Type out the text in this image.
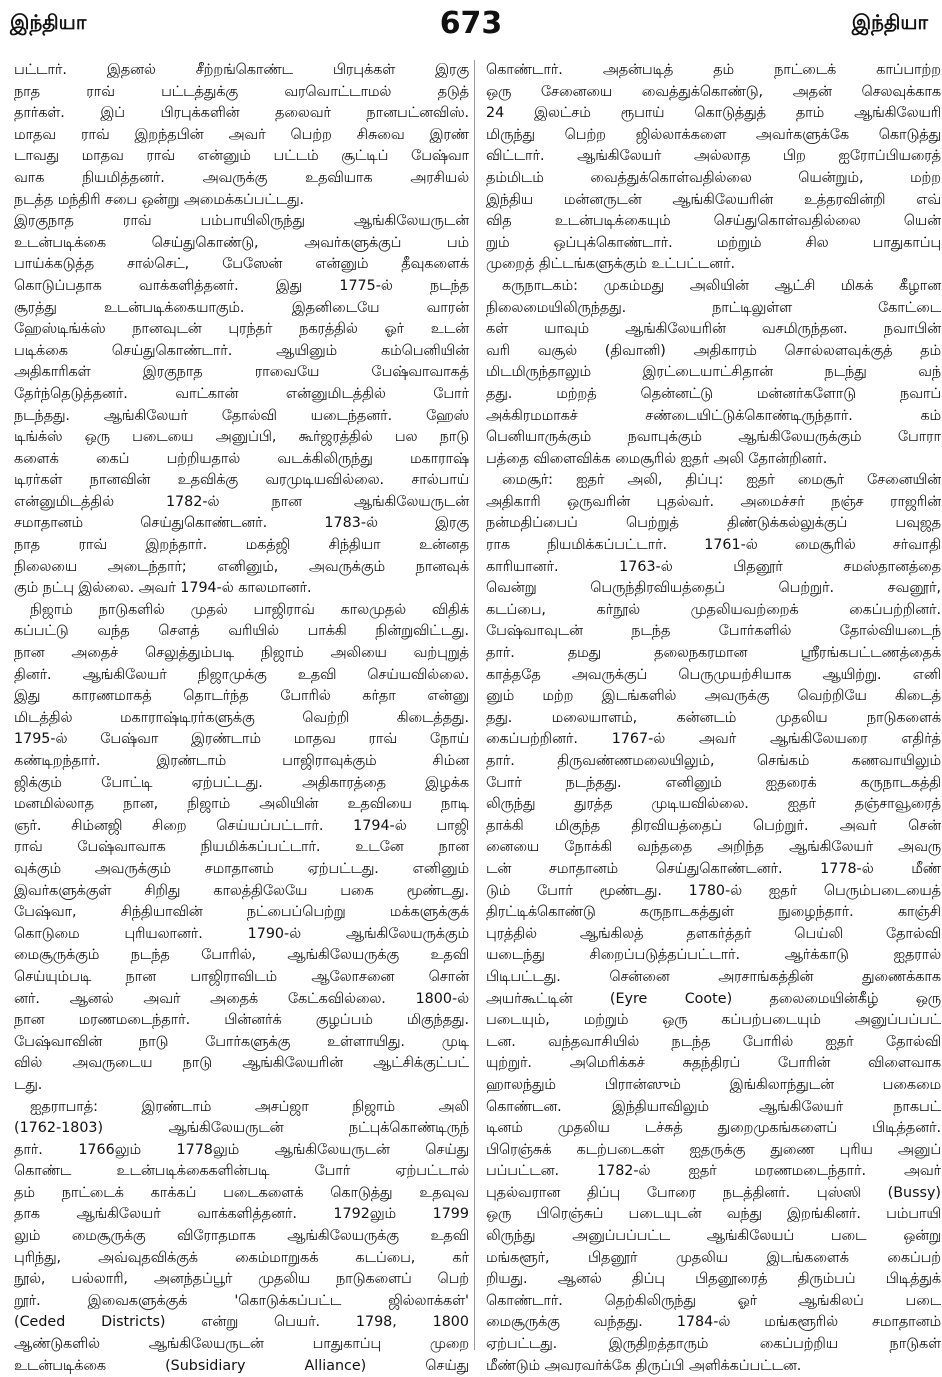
இந்தியா	673	இந்தியா
பட்டார். இதனல் சீற்றங்கொண்ட பிரபுக்கள் இரகு
நாத ராவ் பட்டத்துக்கு வரவொட்டாமல் தடுத்
தார்கள். இப் பிரபுக்களின் தலைவர் நானபட்னவிஸ்.
மாதவ ராவ் இறந்தபின் அவர் பெற்ற சிசுவை இரண்
டாவது மாதவ ராவ் என்னும் பட்டம் சூட்டிப் பேஷ்வா
வாக நியமித்தனர். அவருக்கு உதவியாக அரசியல்
நடத்த மந்திரி சபை ஒன்று அமைக்கப்பட்டது.
இரகுநாத ராவ் பம்பாயிலிருந்து ஆங்கிலேயருடன்
உடன்படிக்கை செய்துகொண்டு, அவர்களுக்குப் பம்
பாய்க்கடுத்த சால்செட், பேஸேன் என்னும் தீவுகளைக்
கொடுப்பதாக வாக்களித்தனர். இது 1775-ல் நடந்த
சூரத்து உடன்படிக்கையாகும். இதனிடையே வாரன்
ஹேஸ்டிங்க்ஸ் நானவுடன் புரந்தர் நகரத்தில் ஓர் உடன்
படிக்கை செய்துகொண்டார். ஆயினும் கம்பெனியின்
அதிகாரிகள் இரகுநாத ராவையே பேஷ்வாவாகத்
தேர்ந்தெடுத்தனர். வாட்கான் என்னுமிடத்தில் போர்
நடந்தது. ஆங்கிலேயர் தோல்வி யடைந்தனர். ஹேஸ்
டிங்க்ஸ் ஒரு படையை அனுப்பி, கூர்ஜரத்தில் பல நாடு
களைக் கைப் பற்றியதால் வடக்கிலிருந்து மகாராஷ்
டிரர்கள் நானவின் உதவிக்கு வரமுடியவில்லை. சால்பாய்
என்னுமிடத்தில் 1782-ல் நான ஆங்கிலேயருடன்
சமாதானம் செய்துகொண்டனர். 1783-ல் இரகு
நாத ராவ் இறந்தார். மகத்ஜி சிந்தியா உன்னத
நிலையை அடைந்தார்; எனினும், அவருக்கும் நானவுக்
கும் நட்பு இல்லை. அவர் 1794-ல் காலமானர்.
நிஜாம் நாடுகளில் முதல் பாஜிராவ் காலமுதல் விதிக்
கப்பட்டு வந்த சௌத் வரியில் பாக்கி நின்றுவிட்டது.
நான அதைச் செலுத்தும்படி நிஜாம் அலியை வற்புறுத்
தினர். ஆங்கிலேயர் நிஜாமுக்கு உதவி செய்யவில்லை.
இது காரணமாகத் தொடர்ந்த போரில் கர்தா என்னு
மிடத்தில் மகாராஷ்டிரர்களுக்கு வெற்றி கிடைத்தது.
1795-ல் பேஷ்வா இரண்டாம் மாதவ ராவ் நோய்
கண்டிறந்தார். இரண்டாம் பாஜிராவுக்கும் சிம்ன
ஜிக்கும் போட்டி ஏற்பட்டது. அதிகாரத்தை இழக்க
மனமில்லாத நான, நிஜாம் அலியின் உதவியை நாடி
ஞர். சிம்னஜி சிறை செய்யப்பட்டார். 1794-ல் பாஜி
ராவ் பேஷ்வாவாக நியமிக்கப்பட்டார். உடனே நான
வுக்கும் அவருக்கும் சமாதானம் ஏற்பட்டது. எனினும்
இவர்களுக்குள் சிறிது காலத்திலேயே பகை மூண்டது.
பேஷ்வா, சிந்தியாவின் நட்பைப்பெற்று மக்களுக்குக்
கொடுமை புரியலானர். 1790-ல் ஆங்கிலேயருக்கும்
மைசூருக்கும் நடந்த போரில், ஆங்கிலேயருக்கு உதவி
செய்யும்படி நான பாஜிராவிடம் ஆலோசனை சொன்
னர். ஆனல் அவர் அதைக் கேட்கவில்லை. 1800-ல்
நான மரணமடைந்தார். பின்னர்க் குழப்பம் மிகுந்தது.
பேஷ்வாவின் நாடு போர்களுக்கு உள்ளாயிது. முடி
வில் அவருடைய நாடு ஆங்கிலேயரின் ஆட்சிக்குட்பட்
டது.
ஐதராபாத்: இரண்டாம் அசப்ஜா நிஜாம் அலி
(1762-1803) ஆங்கிலேயருடன் நட்புக்கொண்டிருந்
தார். 1766லும் 1778லும் ஆங்கிலேயருடன் செய்து
கொண்ட உடன்படிக்கைகளின்படி போர் ஏற்பட்டால்
தம் நாட்டைக் காக்கப் படைகளைக் கொடுத்து உதவுவ
தாக ஆங்கிலேயர் வாக்களித்தனர். 1792லும் 1799
லும் மைசூருக்கு விரோதமாக ஆங்கிலேயருக்கு உதவி
புரிந்து, அவ்வுதவிக்குக் கைம்மாறுகக் கடப்பை, கர்
நூல், பல்லாரி, அனந்தப்பூர் முதலிய நாடுகளைப் பெற்
றூர். இவைகளுக்குக் 'கொடுக்கப்பட்ட ஜில்லாக்கள்'
(Ceded Districts) என்று பெயர். 1798, 1800
ஆண்டுகளில் ஆங்கிலேயருடன் பாதுகாப்பு முறை
உடன்படிக்கை (Subsidiary Alliance) செய்து
கொண்டார். அதன்படித் தம் நாட்டைக் காப்பாற்ற
ஒரு சேனையை வைத்துக்கொண்டு, அதன் செலவுக்காக
24 இலட்சம் ரூபாய் கொடுத்துத் தாம் ஆங்கிலேயரி
மிருந்து பெற்ற ஜில்லாக்களை அவர்களுக்கே கொடுத்து
விட்டார். ஆங்கிலேயர் அல்லாத பிற ஐரோப்பியரைத்
தம்மிடம் வைத்துக்கொள்வதில்லை யென்றும், மற்ற
இந்திய மன்னருடன் ஆங்கிலேயரின் உத்தரவின்றி எவ்
வித உடன்படிக்கையும் செய்துகொள்வதில்லை யென்
றும் ஒப்புக்கொண்டார். மற்றும் சில பாதுகாப்பு
முறைத் திட்டங்களுக்கும் உட்பட்டனர்.
கருநாடகம்: முகம்மது அலியின் ஆட்சி மிகக் கீழான
நிலைமையிலிருந்தது. நாட்டிலுள்ள கோட்டை
கள் யாவும் ஆங்கிலேயரின் வசமிருந்தன. நவாபின்
வரி வசூல் (திவானி) அதிகாரம் சொல்லளவுக்குத் தம்
மிடமிருந்தாலும் இரட்டையாட்சிதான் நடந்து வந்
தது. மற்றத் தென்னட்டு மன்னர்களோடு நவாப்
அக்கிரமமாகச் சண்டையிட்டுக்கொண்டிருந்தார். கம்
பெனியாருக்கும் நவாபுக்கும் ஆங்கிலேயருக்கும் போரா
பத்தை விளைவிக்க மைசூரில் ஐதர் அலி தோன்றினர்.
மைசூர்: ஐதர் அலி, திப்பு: ஐதர் மைசூர் சேனையின்
அதிகாரி ஒருவரின் புதல்வர். அமைச்சர் நஞ்ச ராஜரின்
நன்மதிப்பைப் பெற்றுத் திண்டுக்கல்லுக்குப் பவுஜத
ராக நியமிக்கப்பட்டார். 1761-ல் மைசூரில் சர்வாதி
காரியானர். 1763-ல் பிதனூர் சமஸ்தானத்தை
வென்று பெருந்திரவியத்தைப் பெற்றுர். சவனூர்,
கடப்பை, கர்நூல் முதலியவற்றைக் கைப்பற்றினர்.
பேஷ்வாவுடன் நடந்த போர்களில் தோல்வியடைந்
தார். தமது தலைநகரமான ஸ்ரீரங்கபட்டணத்தைக்
காத்ததே அவருக்குப் பெருமுயற்சியாக ஆயிற்று. எனி
னும் மற்ற இடங்களில் அவருக்கு வெற்றியே கிடைத்
தது. மலையாளம், கன்னடம் முதலிய நாடுகளைக்
கைப்பற்றினர். 1767-ல் அவர் ஆங்கிலேயரை எதிர்த்
தார். திருவண்ணமலையிலும், செங்கம் கணவாயிலும்
போர் நடந்தது. எனினும் ஐதரைக் கருநாடகத்தி
லிருந்து துரத்த முடியவில்லை. ஐதர் தஞ்சாவூரைத்
தாக்கி மிகுந்த திரவியத்தைப் பெற்றுர். அவர் சென்
னையை நோக்கி வந்ததை அறிந்த ஆங்கிலேயர் அவரு
டன் சமாதானம் செய்துகொண்டனர். 1778-ல் மீண்
டும் போர் மூண்டது. 1780-ல் ஐதர் பெரும்படையைத்
திரட்டிக்கொண்டு கருநாடகத்துள் நுழைந்தார். காஞ்சி
புரத்தில் ஆங்கிலத் தளகர்த்தர் பெய்லி தோல்வி
யடைந்து சிறைப்படுத்தப்பட்டார். ஆர்க்காடு ஐதரால்
பிடிபட்டது. சென்னை அரசாங்கத்தின் துணைக்காக
அயர்கூட்டின் (Eyre Coote) தலைமையின்கீழ் ஒரு
படையும், மற்றும் ஒரு கப்பற்படையும் அனுப்பப்பட்
டன. வந்தவாசியில் நடந்த போரில் ஐதர் தோல்வி
யுற்றுர். அமெரிக்கச் சுதந்திரப் போரின் விளைவாக
ஹாலந்தும் பிரான்ஸும் இங்கிலாந்துடன் பகைமை
கொண்டன. இந்தியாவிலும் ஆங்கிலேயர் நாகபட்
டினம் முதலிய டச்சுத் துறைமுகங்களைப் பிடித்தனர்.
பிரெஞ்சுக் கடற்படைகள் ஐதருக்கு துணை புரிய அனுப்
பப்பட்டன. 1782-ல் ஐதர் மரணமடைந்தார். அவர்
புதல்வரான திப்பு போரை நடத்தினர். புஸ்ஸி (Bussy)
ஒரு பிரெஞ்சுப் படையுடன் வந்து இறங்கினர். பம்பாயி
லிருந்து அனுப்பப்பட்ட ஆங்கிலேயப் படை ஒன்று
மங்களூர், பிதனூர் முதலிய இடங்களைக் கைப்பற்
றியது. ஆனல் திப்பு பிதனூரைத் திரும்பப் பிடித்துக்
கொண்டார். தெற்கிலிருந்து ஓர் ஆங்கிலப் படை
மைசூருக்கு வந்தது. 1784-ல் மங்களூரில் சமாதானம்
ஏற்பட்டது. இருதிறத்தாரும் கைப்பற்றிய நாடுகள்
மீண்டும் அவரவர்க்கே திருப்பி அளிக்கப்பட்டன.
